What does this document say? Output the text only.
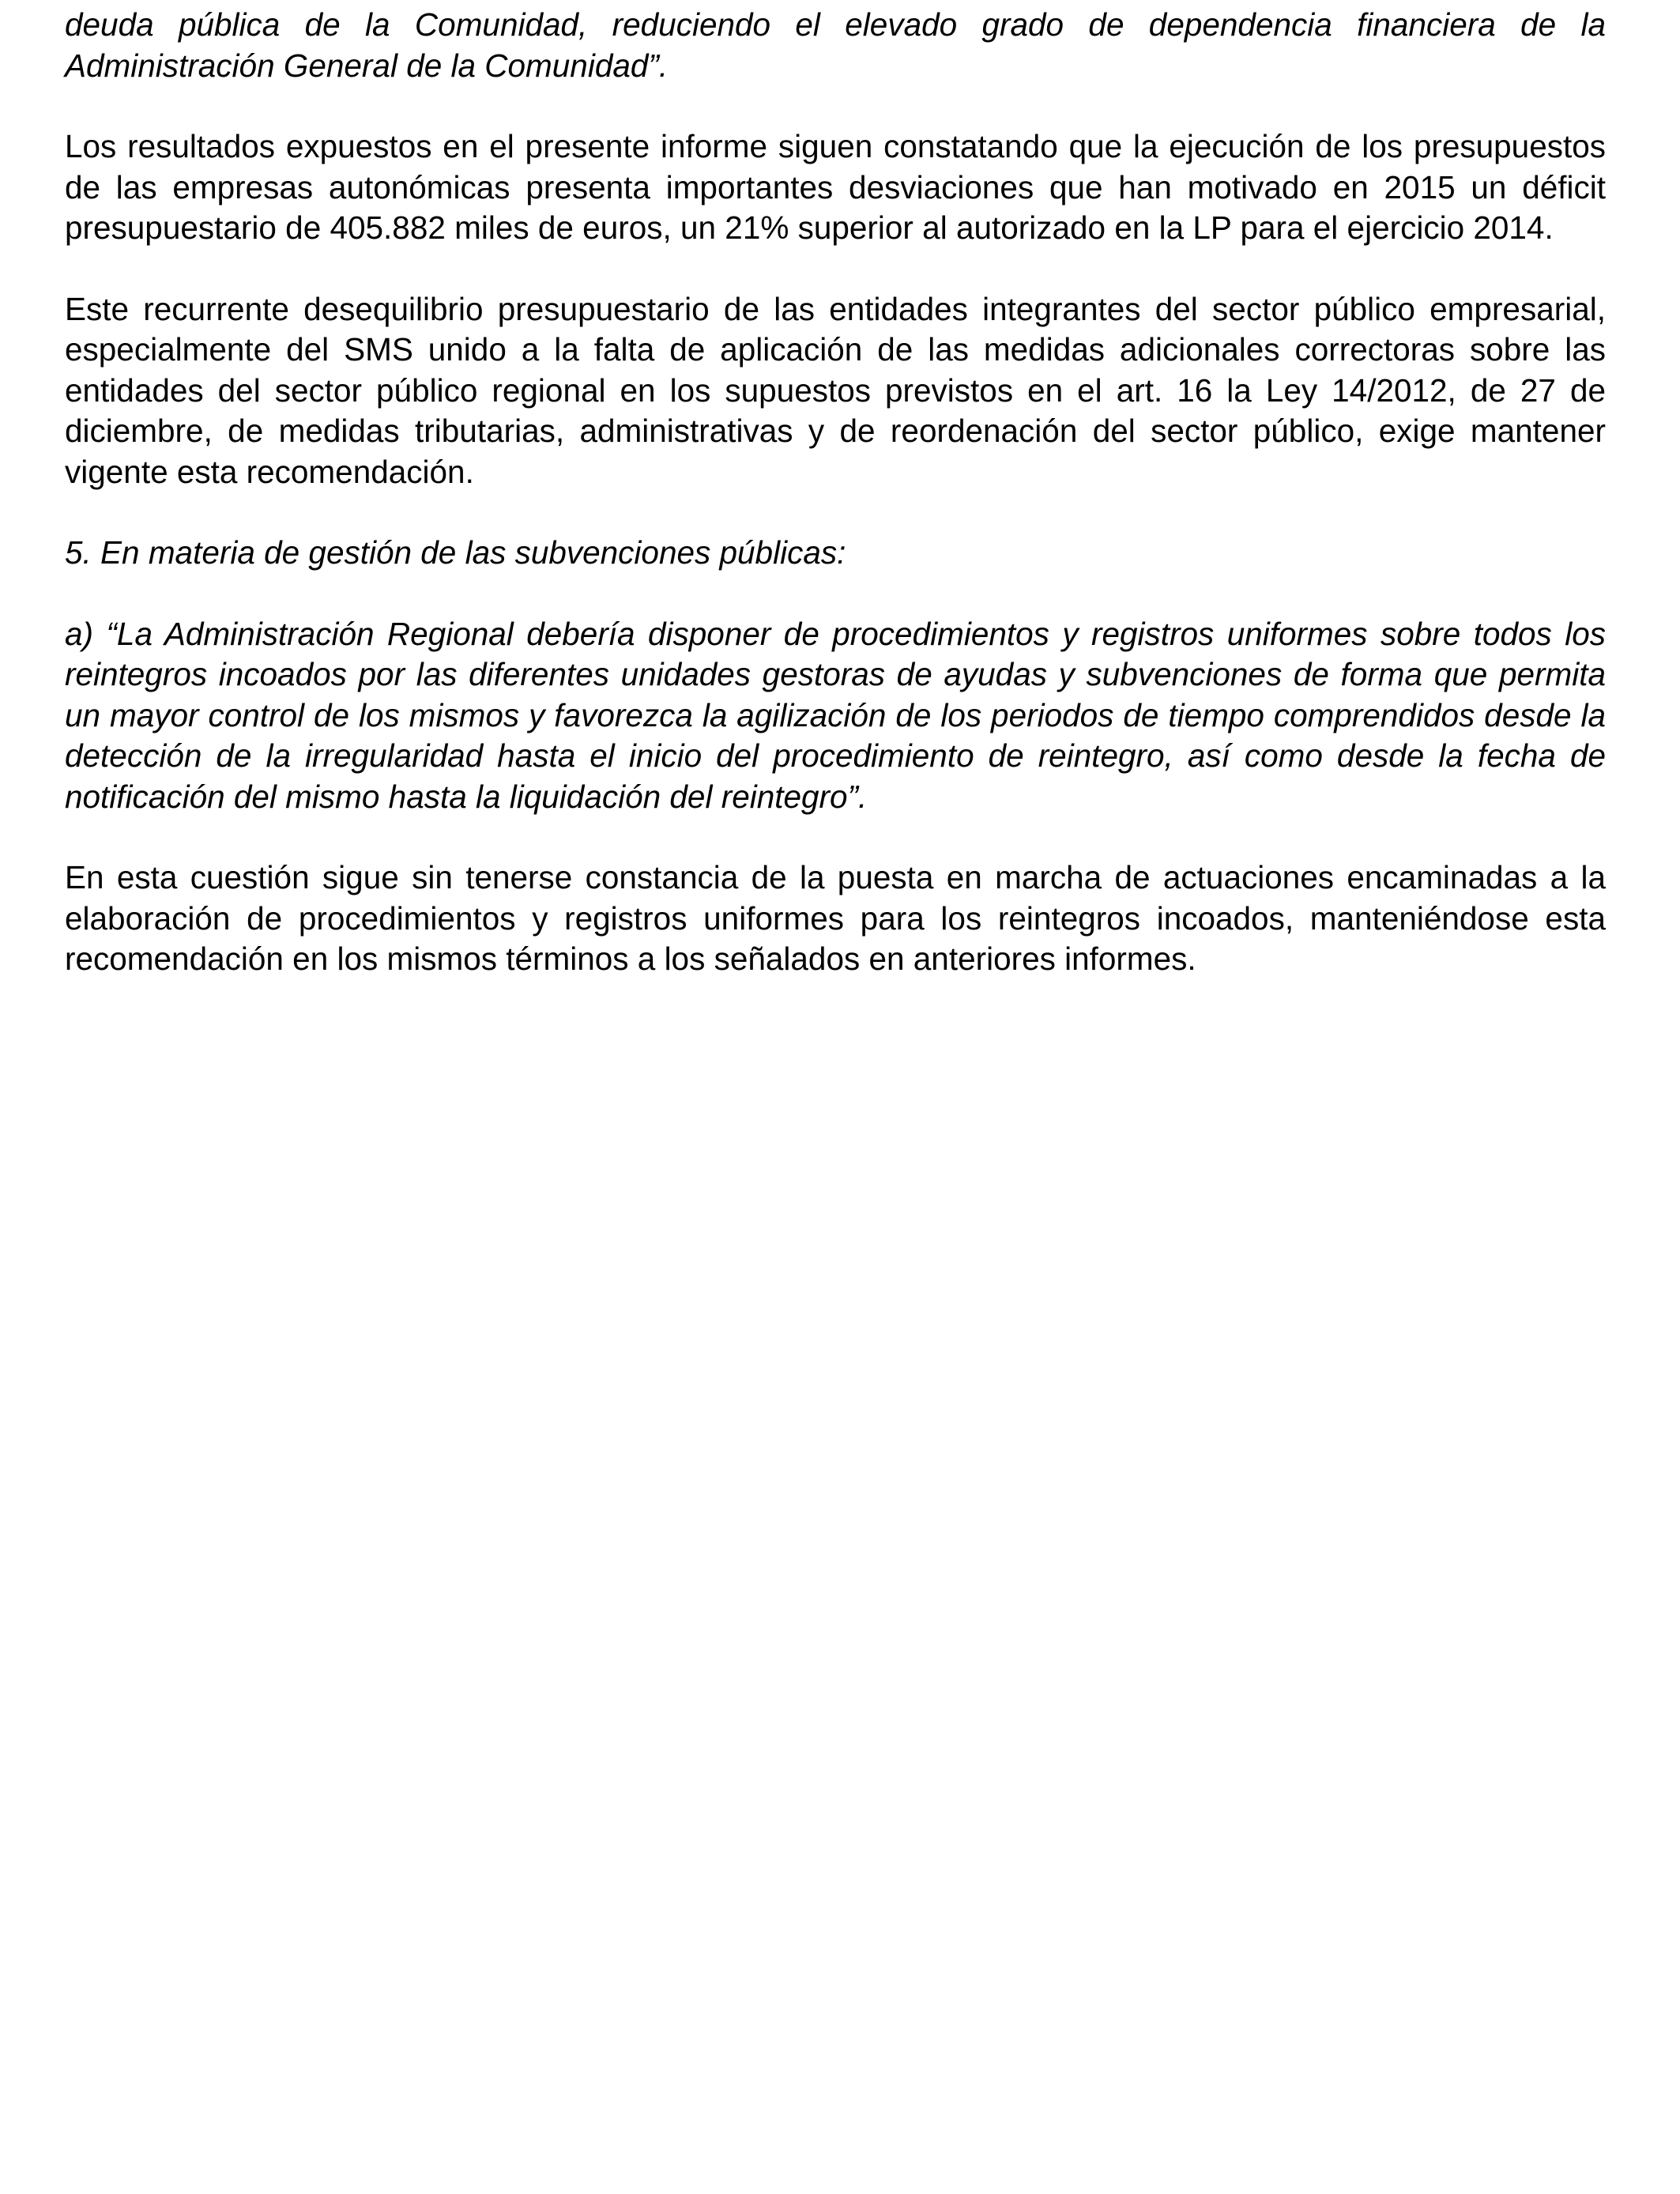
deuda pública de la Comunidad, reduciendo el elevado grado de dependencia financiera de la Administración General de la Comunidad”.

Los resultados expuestos en el presente informe siguen constatando que la ejecución de los presupuestos de las empresas autonómicas presenta importantes desviaciones que han motivado en 2015 un déficit presupuestario de 405.882 miles de euros, un 21% superior al autorizado en la LP para el ejercicio 2014.

Este recurrente desequilibrio presupuestario de las entidades integrantes del sector público empresarial, especialmente del SMS unido a la falta de aplicación de las medidas adicionales correctoras sobre las entidades del sector público regional en los supuestos previstos en el art. 16 la Ley 14/2012, de 27 de diciembre, de medidas tributarias, administrativas y de reordenación del sector público, exige mantener vigente esta recomendación.

5. En materia de gestión de las subvenciones públicas:

a) “La Administración Regional debería disponer de procedimientos y registros uniformes sobre todos los reintegros incoados por las diferentes unidades gestoras de ayudas y subvenciones de forma que permita un mayor control de los mismos y favorezca la agilización de los periodos de tiempo comprendidos desde la detección de la irregularidad hasta el inicio del procedimiento de reintegro, así como desde la fecha de notificación del mismo hasta la liquidación del reintegro”.

En esta cuestión sigue sin tenerse constancia de la puesta en marcha de actuaciones encaminadas a la elaboración de procedimientos y registros uniformes para los reintegros incoados, manteniéndose esta recomendación en los mismos términos a los señalados en anteriores informes.
